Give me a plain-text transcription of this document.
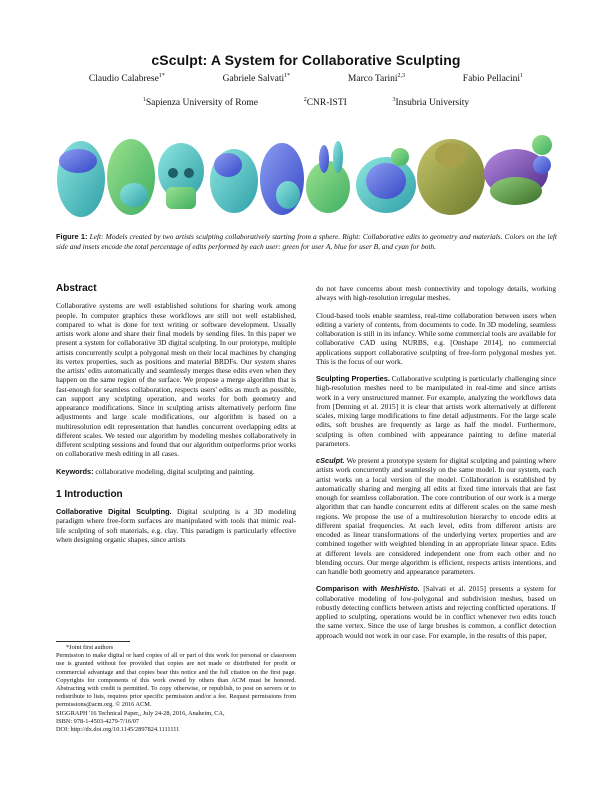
cSculpt: A System for Collaborative Sculpting
Claudio Calabrese$^{1*}$	Gabriele Salvati$^{1*}$	Marco Tarini$^{2,3}$	Fabio Pellacini$^1$
$^1$Sapienza University of Rome	$^2$CNR-ISTI	$^3$Insubria University
Figure 1: Left: Models created by two artists sculpting collaboratively starting from a sphere. Right: Collaborative edits to geometry and materials. Colors on the left side and insets encode the total percentage of edits performed by each user: green for user A, blue for user B, and cyan for both.
Abstract

Collaborative systems are well established solutions for sharing work among people. In computer graphics these workflows are still not well established, compared to what is done for text writing or software development. Usually artists work alone and share their final models by sending files. In this paper we present a system for collaborative 3D digital sculpting. In our prototype, multiple artists concurrently sculpt a polygonal mesh on their local machines by changing its vertex properties, such as positions and material BRDFs. Our system shares the artists' edits automatically and seamlessly merges these edits even when they happen on the same region of the surface. We propose a merge algorithm that is fast-enough for seamless collaboration, respects users' edits as much as possible, can support any sculpting operation, and works for both geometry and appearance modifications. Since in sculpting artists alternatively perform fine adjustments and large scale modifications, our algorithm is based on a multiresolution edit representation that handles concurrent overlapping edits at different scales. We tested our algorithm by modeling meshes collaboratively in different sculpting sessions and found that our algorithm outperforms prior works on collaborative mesh editing in all cases.

Keywords: collaborative modeling, digital sculpting and painting.

1 Introduction

Collaborative Digital Sculpting. Digital sculpting is a 3D modeling paradigm where free-form surfaces are manipulated with tools that mimic real-life sculpting of soft materials, e.g. clay. This paradigm is particularly effective when designing organic shapes, since artists

*Joint first authors

Permission to make digital or hard copies of all or part of this work for personal or classroom use is granted without fee provided that copies are not made or distributed for profit or commercial advantage and that copies bear this notice and the full citation on the first page. Copyrights for components of this work owned by others than ACM must be honored. Abstracting with credit is permitted. To copy otherwise, or republish, to post on servers or to redistribute to lists, requires prior specific permission and/or a fee. Request permissions from permissions@acm.org. © 2016 ACM.

SIGGRAPH '16 Technical Paper,, July 24-28, 2016, Anaheim, CA,

ISBN: 978-1-4503-4279-7/16/07

DOI: http://dx.doi.org/10.1145/2897824.1111111

do not have concerns about mesh connectivity and topology details, working always with high-resolution irregular meshes.

Cloud-based tools enable seamless, real-time collaboration between users when editing a variety of contents, from documents to code. In 3D modeling, seamless collaboration is still in its infancy. While some commercial tools are available for collaborative CAD using NURBS, e.g. [Onshape 2014], no commercial applications support collaborative sculpting of free-form polygonal meshes yet. This is the focus of our work.

Sculpting Properties. Collaborative sculpting is particularly challenging since high-resolution meshes need to be manipulated in real-time and since artists work in a very unstructured manner. For example, analyzing the workflows data from [Denning et al. 2015] it is clear that artists work alternatively at different scales, mixing large modifications to fine detail adjustments. For the large scale edits, soft brushes are frequently as large as half the model. Furthermore, sculpting is often combined with appearance painting to define material parameters.

cSculpt. We present a prototype system for digital sculpting and painting where artists work concurrently and seamlessly on the same model. In our system, each artist works on a local version of the model. Collaboration is established by automatically sharing and merging all edits at fixed time intervals that are fast enough for seamless collaboration. The core contribution of our work is a merge algorithm that can handle concurrent edits at different scales on the same mesh regions. We propose the use of a multiresolution hierarchy to encode edits at different spatial frequencies. At each level, edits from different artists are encoded as linear transformations of the underlying vertex properties and are combined together with weighted blending in an appropriate linear space. Edits at different levels are considered independent one from each other and no blending occurs. Our merge algorithm is efficient, respects artists intentions, and can handle both geometry and appearance parameters.

Comparison with MeshHisto. [Salvati et al. 2015] presents a system for collaborative modeling of low-polygonal and subdivision meshes, based on robustly detecting conflicts between artists and rejecting conflicted operations. If applied to sculpting, operations would be in conflict whenever two edits touch the same vertex. Since the use of large brushes is common, a conflict detection approach would not work in our case. For example, in the results of this paper,
